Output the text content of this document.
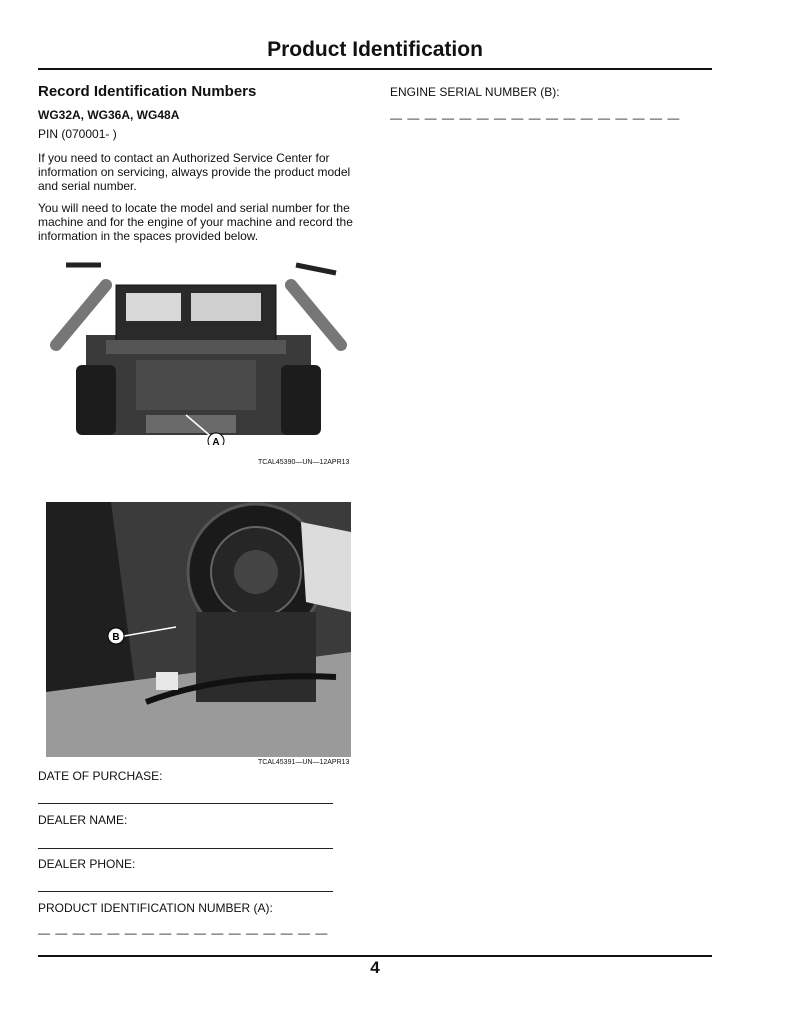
Product Identification
Record Identification Numbers
WG32A, WG36A, WG48A

PIN (070001- )

If you need to contact an Authorized Service Center for information on servicing, always provide the product model and serial number.

You will need to locate the model and serial number for the machine and for the engine of your machine and record the information in the spaces provided below.

A
TCAL45390—UN—12APR13
B
TCAL45391—UN—12APR13
DATE OF PURCHASE:
DEALER NAME:
DEALER PHONE:
PRODUCT IDENTIFICATION NUMBER (A):
— — — — — — — — — — — — — — — — —
ENGINE SERIAL NUMBER (B):
— — — — — — — — — — — — — — — — —
4
